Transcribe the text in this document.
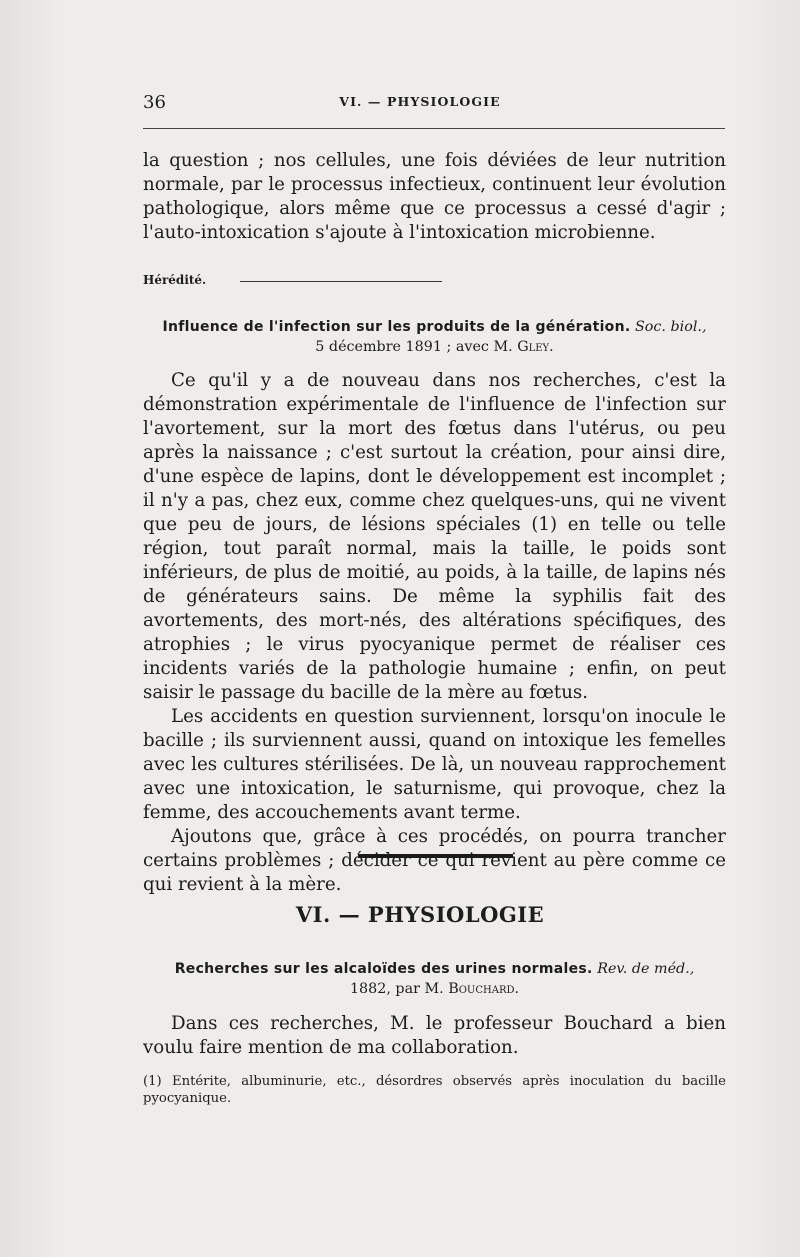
36	VI. — PHYSIOLOGIE

la question ; nos cellules, une fois déviées de leur nutrition normale, par le processus infectieux, continuent leur évolution pathologique, alors même que ce processus a cessé d'agir ; l'auto-intoxication s'ajoute à l'intoxication microbienne.

Hérédité.

Influence de l'infection sur les produits de la génération. Soc. biol.,
5 décembre 1891 ; avec M. Gley.

Ce qu'il y a de nouveau dans nos recherches, c'est la démonstration expérimentale de l'influence de l'infection sur l'avortement, sur la mort des fœtus dans l'utérus, ou peu après la naissance ; c'est surtout la création, pour ainsi dire, d'une espèce de lapins, dont le développement est incomplet ; il n'y a pas, chez eux, comme chez quelques-uns, qui ne vivent que peu de jours, de lésions spéciales (1) en telle ou telle région, tout paraît normal, mais la taille, le poids sont inférieurs, de plus de moitié, au poids, à la taille, de lapins nés de générateurs sains. De même la syphilis fait des avortements, des mort-nés, des altérations spécifiques, des atrophies ; le virus pyocyanique permet de réaliser ces incidents variés de la pathologie humaine ; enfin, on peut saisir le passage du bacille de la mère au fœtus.

Les accidents en question surviennent, lorsqu'on inocule le bacille ; ils surviennent aussi, quand on intoxique les femelles avec les cultures stérilisées. De là, un nouveau rapprochement avec une intoxication, le saturnisme, qui provoque, chez la femme, des accouchements avant terme.

Ajoutons que, grâce à ces procédés, on pourra trancher certains problèmes ; décider ce qui revient au père comme ce qui revient à la mère.

VI. — PHYSIOLOGIE

Recherches sur les alcaloïdes des urines normales. Rev. de méd.,
1882, par M. Bouchard.

Dans ces recherches, M. le professeur Bouchard a bien voulu faire mention de ma collaboration.

(1) Entérite, albuminurie, etc., désordres observés après inoculation du bacille pyocyanique.
